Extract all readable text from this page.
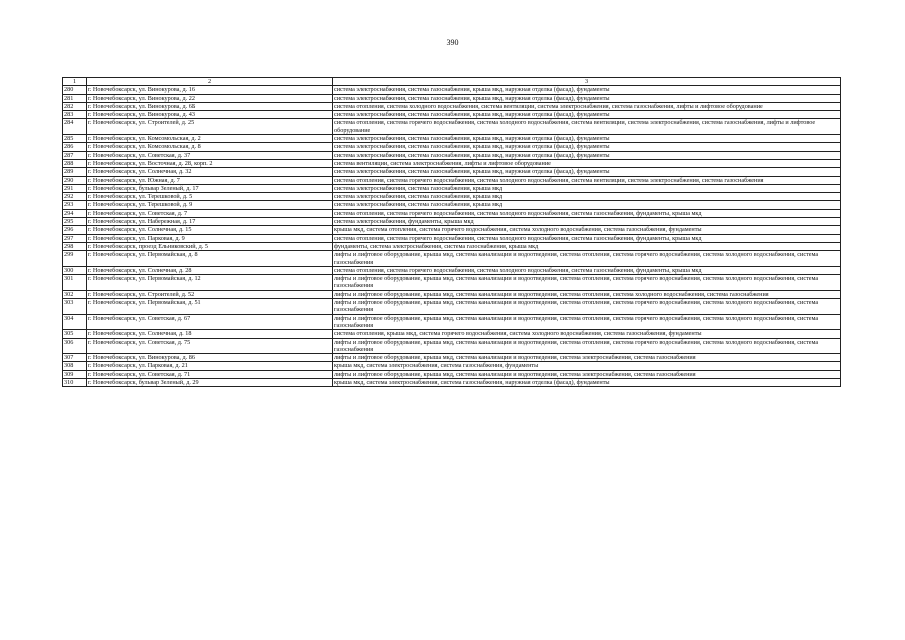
390
1	2	3
280	г. Новочебоксарск, ул. Винокурова, д. 16	система электроснабжения, система газоснабжения, крыша мкд, наружная отделка (фасад), фундаменты
281	г. Новочебоксарск, ул. Винокурова, д. 22	система электроснабжения, система газоснабжения, крыша мкд, наружная отделка (фасад), фундаменты
282	г. Новочебоксарск, ул. Винокурова, д. 6Б	система отопления, система холодного водоснабжения, система вентиляции, система электроснабжения, система газоснабжения, лифты и лифтовое оборудование
283	г. Новочебоксарск, ул. Винокурова, д. 43	система электроснабжения, система газоснабжения, крыша мкд, наружная отделка (фасад), фундаменты
284	г. Новочебоксарск, ул. Строителей, д. 25	система отопления, система горячего водоснабжения, система холодного водоснабжения, система вентиляции, система электроснабжения, система газоснабжения, лифты и лифтовое оборудование
285	г. Новочебоксарск, ул. Комсомольская, д. 2	система электроснабжения, система газоснабжения, крыша мкд, наружная отделка (фасад), фундаменты
286	г. Новочебоксарск, ул. Комсомольская, д. 8	система электроснабжения, система газоснабжения, крыша мкд, наружная отделка (фасад), фундаменты
287	г. Новочебоксарск, ул. Советская, д. 37	система электроснабжения, система газоснабжения, крыша мкд, наружная отделка (фасад), фундаменты
288	г. Новочебоксарск, ул. Восточная, д. 28, корп. 2	система вентиляции, система электроснабжения, лифты и лифтовое оборудование
289	г. Новочебоксарск, ул. Солнечная, д. 32	система электроснабжения, система газоснабжения, крыша мкд, наружная отделка (фасад), фундаменты
290	г. Новочебоксарск, ул. Южная, д. 7	система отопления, система горячего водоснабжения, система холодного водоснабжения, система вентиляции, система электроснабжения, система газоснабжения
291	г. Новочебоксарск, бульвар Зеленый, д. 17	система электроснабжения, система газоснабжения, крыша мкд
292	г. Новочебоксарск, ул. Терешковой, д. 5	система электроснабжения, система газоснабжения, крыша мкд
293	г. Новочебоксарск, ул. Терешковой, д. 9	система электроснабжения, система газоснабжения, крыша мкд
294	г. Новочебоксарск, ул. Советская, д. 7	система отопления, система горячего водоснабжения, система холодного водоснабжения, система газоснабжения, фундаменты, крыша мкд
295	г. Новочебоксарск, ул. Набережная, д. 17	система электроснабжения, фундаменты, крыша мкд
296	г. Новочебоксарск, ул. Солнечная, д. 15	крыша мкд, система отопления, система горячего водоснабжения, система холодного водоснабжения, система газоснабжения, фундаменты
297	г. Новочебоксарск, ул. Парковая, д. 9	система отопления, система горячего водоснабжения, система холодного водоснабжения, система газоснабжения, фундаменты, крыша мкд
298	г. Новочебоксарск, проезд Ельниковский, д. 5	фундаменты, система электроснабжения, система газоснабжения, крыша мкд
299	г. Новочебоксарск, ул. Первомайская, д. 8	лифты и лифтовое оборудование, крыша мкд, система канализации и водоотведения, система отопления, система горячего водоснабжения, система холодного водоснабжения, система газоснабжения
300	г. Новочебоксарск, ул. Солнечная, д. 28	система отопления, система горячего водоснабжения, система холодного водоснабжения, система газоснабжения, фундаменты, крыша мкд
301	г. Новочебоксарск, ул. Первомайская, д. 12	лифты и лифтовое оборудование, крыша мкд, система канализации и водоотведения, система отопления, система горячего водоснабжения, система холодного водоснабжения, система газоснабжения
302	г. Новочебоксарск, ул. Строителей, д. 52	лифты и лифтовое оборудование, крыша мкд, система канализации и водоотведения, система отопления, система холодного водоснабжения, система газоснабжения
303	г. Новочебоксарск, ул. Первомайская, д. 51	лифты и лифтовое оборудование, крыша мкд, система канализации и водоотведения, система отопления, система горячего водоснабжения, система холодного водоснабжения, система газоснабжения
304	г. Новочебоксарск, ул. Советская, д. 67	лифты и лифтовое оборудование, крыша мкд, система канализации и водоотведения, система отопления, система горячего водоснабжения, система холодного водоснабжения, система газоснабжения
305	г. Новочебоксарск, ул. Солнечная, д. 18	система отопления, крыша мкд, система горячего водоснабжения, система холодного водоснабжения, система газоснабжения, фундаменты
306	г. Новочебоксарск, ул. Советская, д. 75	лифты и лифтовое оборудование, крыша мкд, система канализации и водоотведения, система отопления, система горячего водоснабжения, система холодного водоснабжения, система газоснабжения
307	г. Новочебоксарск, ул. Винокурова, д. 86	лифты и лифтовое оборудование, крыша мкд, система канализации и водоотведения, система электроснабжения, система газоснабжения
308	г. Новочебоксарск, ул. Парковая, д. 21	крыша мкд, система электроснабжения, система газоснабжения, фундаменты
309	г. Новочебоксарск, ул. Советская, д. 71	лифты и лифтовое оборудование, крыша мкд, система канализации и водоотведения, система электроснабжения, система газоснабжения
310	г. Новочебоксарск, бульвар Зеленый, д. 29	крыша мкд, система электроснабжения, система газоснабжения, наружная отделка (фасад), фундаменты
